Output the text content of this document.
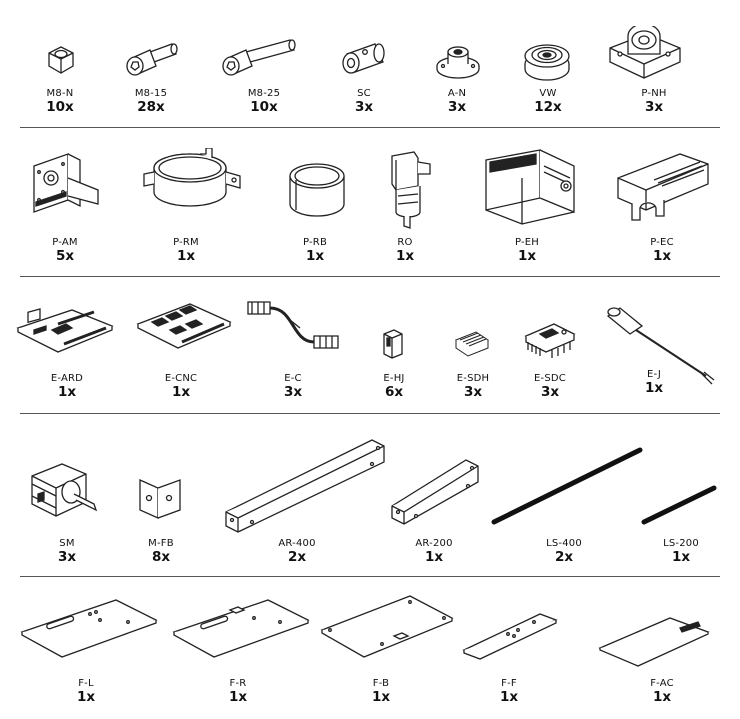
M8-N
10x
M8-15
28x
M8-25
10x
SC
3x
A-N
3x
VW
12x
P-NH
3x
P-AM
5x
P-RM
1x
P-RB
1x
RO
1x
P-EH
1x
P-EC
1x
E-ARD
1x
E-CNC
1x
E-C
3x
E-HJ
6x
E-SDH
3x
E-SDC
3x
E-J
1x
SM
3x
M-FB
8x
AR-400
2x
AR-200
1x
LS-400
2x
LS-200
1x
F-L
1x
F-R
1x
F-B
1x
F-F
1x
F-AC
1x
